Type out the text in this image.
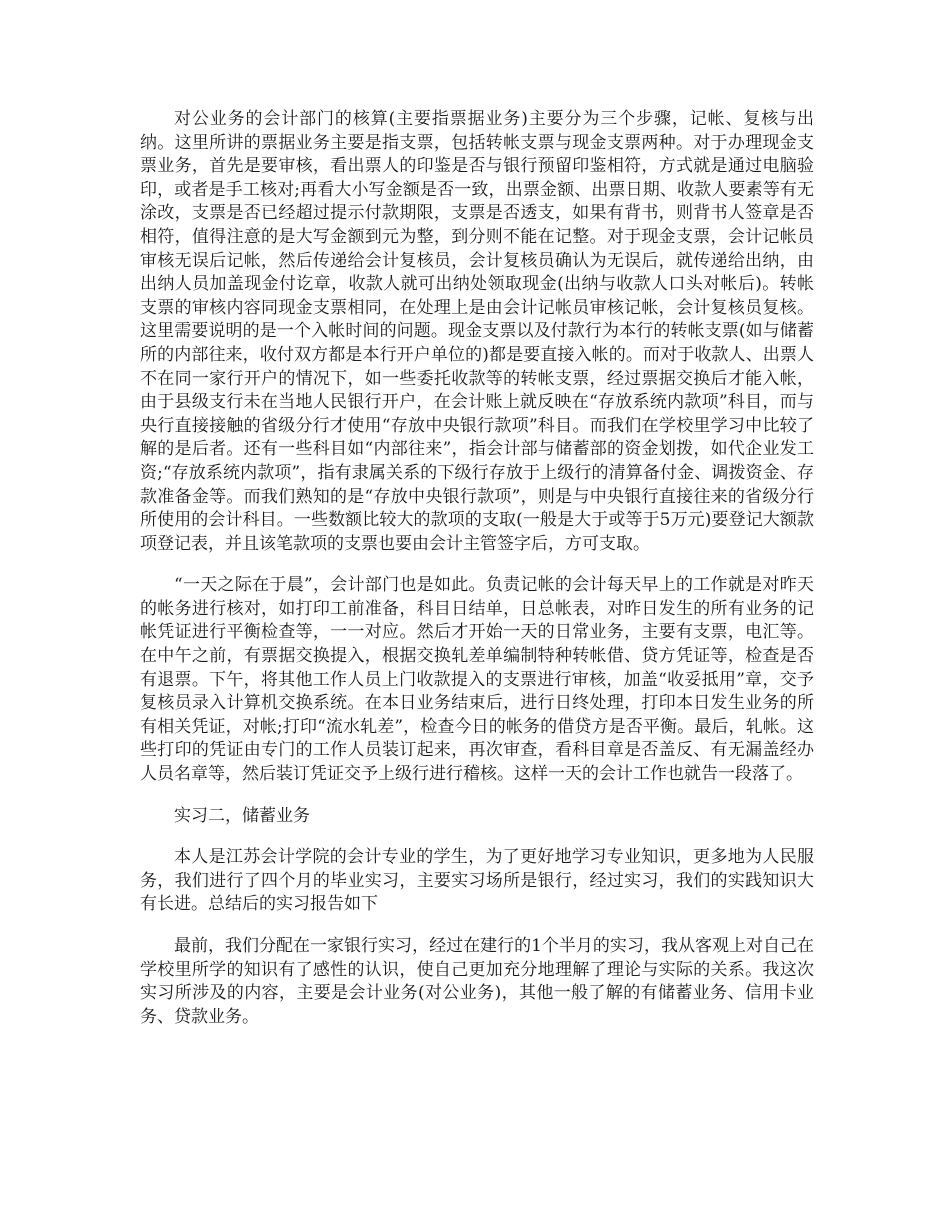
对公业务的会计部门的核算(主要指票据业务)主要分为三个步骤，记帐、复核与出纳。这里所讲的票据业务主要是指支票，包括转帐支票与现金支票两种。对于办理现金支票业务，首先是要审核，看出票人的印鉴是否与银行预留印鉴相符，方式就是通过电脑验印，或者是手工核对;再看大小写金额是否一致，出票金额、出票日期、收款人要素等有无涂改，支票是否已经超过提示付款期限，支票是否透支，如果有背书，则背书人签章是否相符，值得注意的是大写金额到元为整，到分则不能在记整。对于现金支票，会计记帐员审核无误后记帐，然后传递给会计复核员，会计复核员确认为无误后，就传递给出纳，由出纳人员加盖现金付讫章，收款人就可出纳处领取现金(出纳与收款人口头对帐后)。转帐支票的审核内容同现金支票相同，在处理上是由会计记帐员审核记帐，会计复核员复核。这里需要说明的是一个入帐时间的问题。现金支票以及付款行为本行的转帐支票(如与储蓄所的内部往来，收付双方都是本行开户单位的)都是要直接入帐的。而对于收款人、出票人不在同一家行开户的情况下，如一些委托收款等的转帐支票，经过票据交换后才能入帐，由于县级支行未在当地人民银行开户，在会计账上就反映在“存放系统内款项”科目，而与央行直接接触的省级分行才使用“存放中央银行款项”科目。而我们在学校里学习中比较了解的是后者。还有一些科目如“内部往来”，指会计部与储蓄部的资金划拨，如代企业发工资;“存放系统内款项”，指有隶属关系的下级行存放于上级行的清算备付金、调拨资金、存款准备金等。而我们熟知的是“存放中央银行款项”，则是与中央银行直接往来的省级分行所使用的会计科目。一些数额比较大的款项的支取(一般是大于或等于5万元)要登记大额款项登记表，并且该笔款项的支票也要由会计主管签字后，方可支取。

“一天之际在于晨”，会计部门也是如此。负责记帐的会计每天早上的工作就是对昨天的帐务进行核对，如打印工前准备，科目日结单，日总帐表，对昨日发生的所有业务的记帐凭证进行平衡检查等，一一对应。然后才开始一天的日常业务，主要有支票，电汇等。在中午之前，有票据交换提入，根据交换轧差单编制特种转帐借、贷方凭证等，检查是否有退票。下午，将其他工作人员上门收款提入的支票进行审核，加盖“收妥抵用”章，交予复核员录入计算机交换系统。在本日业务结束后，进行日终处理，打印本日发生业务的所有相关凭证，对帐;打印“流水轧差”，检查今日的帐务的借贷方是否平衡。最后，轧帐。这些打印的凭证由专门的工作人员装订起来，再次审查，看科目章是否盖反、有无漏盖经办人员名章等，然后装订凭证交予上级行进行稽核。这样一天的会计工作也就告一段落了。

实习二，储蓄业务

本人是江苏会计学院的会计专业的学生，为了更好地学习专业知识，更多地为人民服务，我们进行了四个月的毕业实习，主要实习场所是银行，经过实习，我们的实践知识大有长进。总结后的实习报告如下

最前，我们分配在一家银行实习，经过在建行的1个半月的实习，我从客观上对自己在学校里所学的知识有了感性的认识，使自己更加充分地理解了理论与实际的关系。我这次实习所涉及的内容，主要是会计业务(对公业务)，其他一般了解的有储蓄业务、信用卡业务、贷款业务。
